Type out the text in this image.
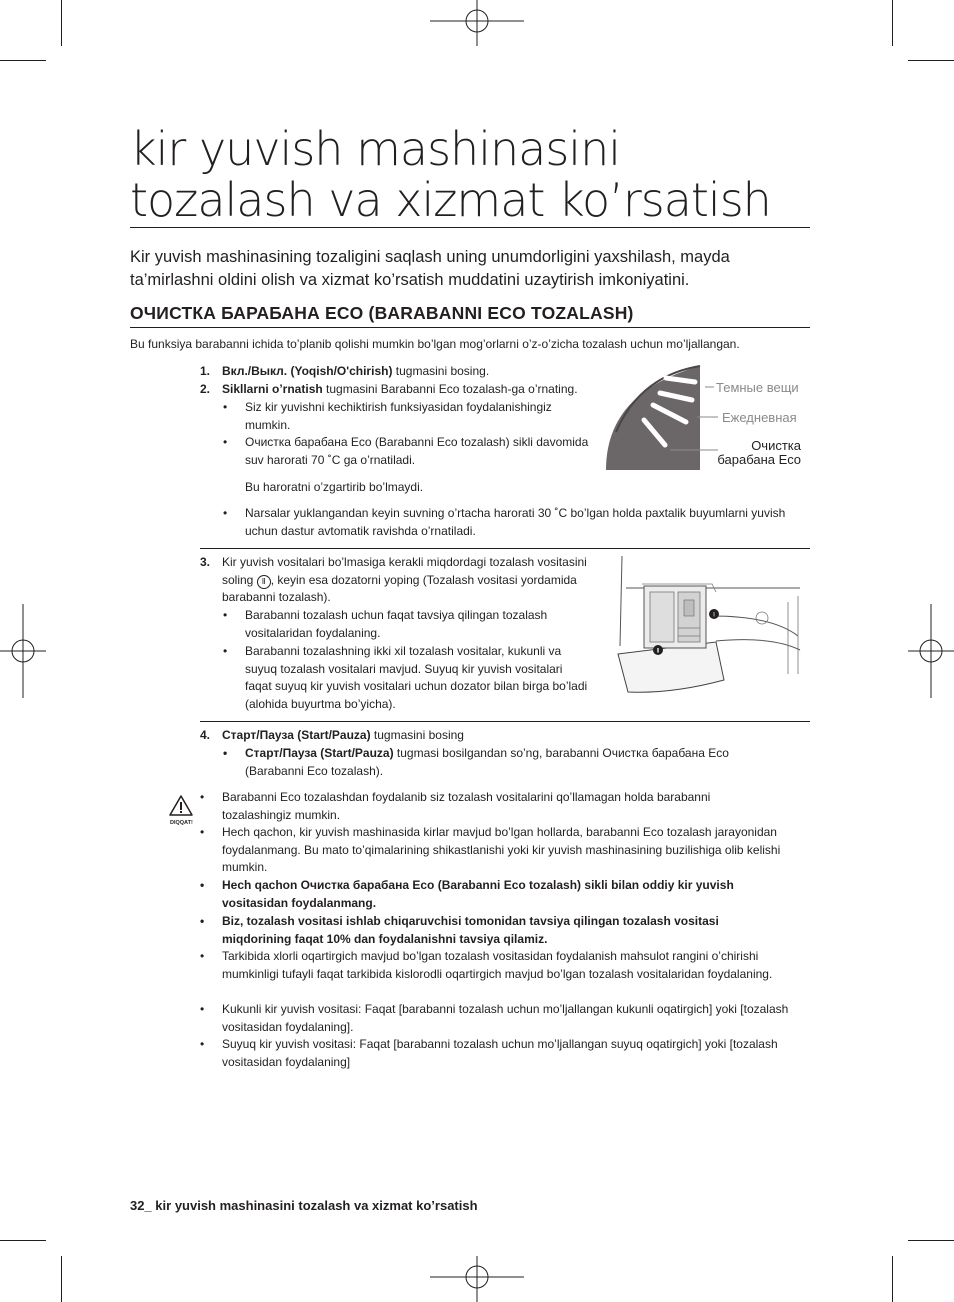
kir yuvish mashinasini tozalash va xizmat ko’rsatish

Kir yuvish mashinasining tozaligini saqlash uning unumdorligini yaxshilash, mayda ta’mirlashni oldini olish va xizmat ko’rsatish muddatini uzaytirish imkoniyatini.

ОЧИСТКА БАРАБАНА ECO (BARABANNI ECO TOZALASH)

Bu funksiya barabanni ichida to’planib qolishi mumkin bo’lgan mog’orlarni o’z-o’zicha tozalash uchun mo’ljallangan.

1. Вкл./Выкл. (Yoqish/O'chirish) tugmasini bosing.
2. Sikllarni o’rnatish tugmasini Barabanni Eco tozalash-ga o’rnating.
• Siz kir yuvishni kechiktirish funksiyasidan foydalanishingiz mumkin.
• Очистка барабана Eco (Barabanni Eco tozalash) sikli davomida suv harorati 70 ˚C ga o’rnatiladi.
Bu haroratni o’zgartirib bo’lmaydi.
• Narsalar yuklangandan keyin suvning o’rtacha harorati 30 ˚C bo’lgan holda paxtalik buyumlarni yuvish uchun dastur avtomatik ravishda o’rnatiladi.
Темные вещи
Ежедневная
Очистка
барабана Eco
3. Kir yuvish vositalari bo’lmasiga kerakli miqdordagi tozalash vositasini soling Ⅱ , keyin esa dozatorni yoping (Tozalash vositasi yordamida barabanni tozalash).
• Barabanni tozalash uchun faqat tavsiya qilingan tozalash vositalaridan foydalaning.
• Barabanni tozalashning ikki xil tozalash vositalar, kukunli va suyuq tozalash vositalari mavjud. Suyuq kir yuvish vositalari faqat suyuq kir yuvish vositalari uchun dozator bilan birga bo’ladi (alohida buyurtma bo’yicha).
Ⅱ
Ⅰ
4. Старт/Пауза (Start/Pauza) tugmasini bosing
• Старт/Пауза (Start/Pauza) tugmasi bosilgandan so’ng, barabanni Очистка барабана Eco (Barabanni Eco tozalash).
DIQQAT!
• Barabanni Eco tozalashdan foydalanib siz tozalash vositalarini qo’llamagan holda barabanni tozalashingiz mumkin.
• Hech qachon, kir yuvish mashinasida kirlar mavjud bo’lgan hollarda, barabanni Eco tozalash jarayonidan foydalanmang. Bu mato to’qimalarining shikastlanishi yoki kir yuvish mashinasining buzilishiga olib kelishi mumkin.
• Hech qachon Очистка барабана Eco (Barabanni Eco tozalash) sikli bilan oddiy kir yuvish vositasidan foydalanmang.
• Biz, tozalash vositasi ishlab chiqaruvchisi tomonidan tavsiya qilingan tozalash vositasi miqdorining faqat 10% dan foydalanishni tavsiya qilamiz.
• Tarkibida xlorli oqartirgich mavjud bo’lgan tozalash vositasidan foydalanish mahsulot rangini o’chirishi mumkinligi tufayli faqat tarkibida kislorodli oqartirgich mavjud bo’lgan tozalash vositalaridan foydalaning.
• Kukunli kir yuvish vositasi: Faqat [barabanni tozalash uchun mo’ljallangan kukunli oqatirgich] yoki [tozalash vositasidan foydalaning].
• Suyuq kir yuvish vositasi: Faqat [barabanni tozalash uchun mo’ljallangan suyuq oqatirgich] yoki [tozalash vositasidan foydalaning]
32_ kir yuvish mashinasini tozalash va xizmat ko’rsatish
